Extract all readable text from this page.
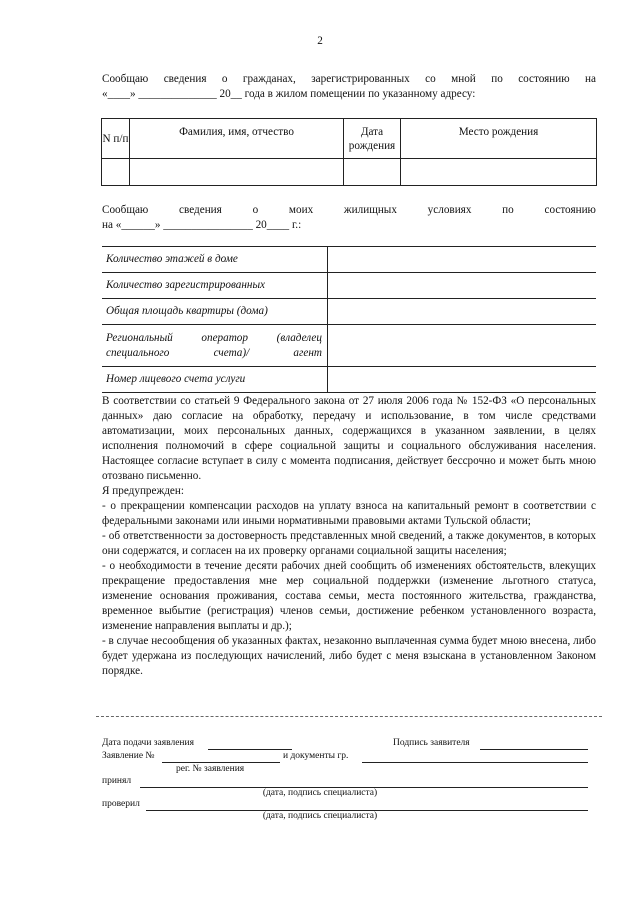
2
Сообщаю сведения о гражданах, зарегистрированных со мной по состоянию на
«____» ______________ 20__ года в жилом помещении по указанному адресу:
N п/п	Фамилия, имя, отчество	Дата рождения	Место рождения

Сообщаю	сведения	о	моих	жилищных	условиях	по	состоянию
на «______» ________________ 20____ г.:
Количество этажей в доме	
Количество зарегистрированных	
Общая площадь квартиры (дома)	

Региональный оператор (владелец специального счета)/ агент	

Номер лицевого счета услуги	
В соответствии со статьей 9 Федерального закона от 27 июля 2006 года № 152-ФЗ «О персональных данных» даю согласие на обработку, передачу и использование, в том числе средствами автоматизации, моих персональных данных, содержащихся в указанном заявлении, в целях исполнения полномочий в сфере социальной защиты и социального обслуживания населения. Настоящее согласие вступает в силу с момента подписания, действует бессрочно и может быть мною отозвано письменно.
Я предупрежден:
- о прекращении компенсации расходов на уплату взноса на капитальный ремонт в соответствии с федеральными законами или иными нормативными правовыми актами Тульской области;
- об ответственности за достоверность представленных мной сведений, а также документов, в которых они содержатся, и согласен на их проверку органами социальной защиты населения;
- о необходимости в течение десяти рабочих дней сообщить об изменениях обстоятельств, влекущих прекращение предоставления мне мер социальной поддержки (изменение льготного статуса, изменение основания проживания, состава семьи, места постоянного жительства, гражданства, временное выбытие (регистрация) членов семьи, достижение ребенком установленного возраста, изменение направления выплаты и др.);
- в случае несообщения об указанных фактах, незаконно выплаченная сумма будет мною внесена, либо будет удержана из последующих начислений, либо будет с меня взыскана в установленном Законом порядке.
Дата подачи заявления	Подпись заявителя
Заявление №	и документы гр.
рег. № заявления
принял
(дата, подпись специалиста)
проверил
(дата, подпись специалиста)
